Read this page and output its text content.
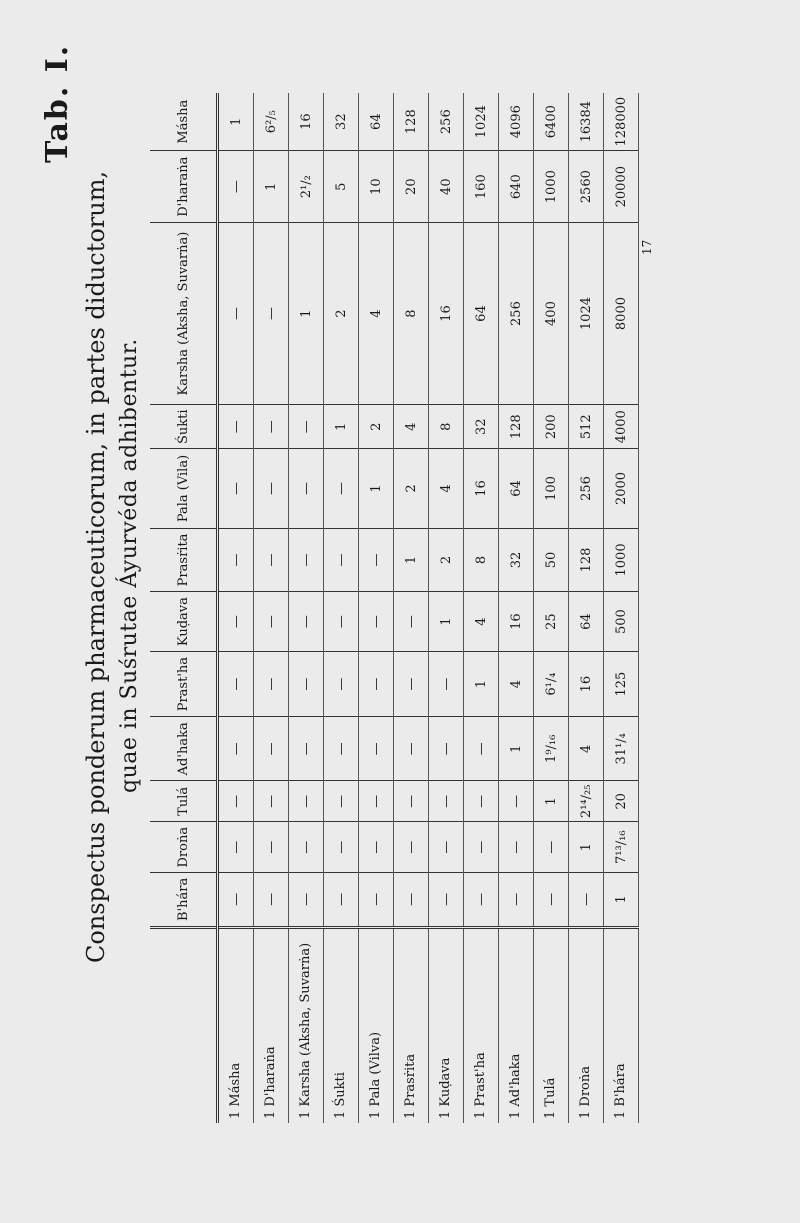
Tab. I.
Conspectus ponderum pharmaceuticorum, in partes diductorum, quae in Suśrutae Áyurvéda adhibentur.
	B'hára	Droṅa	Tulá	Ad'haka	Prast'ha	Kuḍava	Prasṙita	Pala (Vila)	Śukti	Karsha (Aksha, Suvarṅa)	D'haraṅa	Másha
1 Másha	—	—	—	—	—	—	—	—	—	—	—	1
1 D'haraṅa	—	—	—	—	—	—	—	—	—	—	1	6²/₅
1 Karsha (Aksha, Suvarṅa)	—	—	—	—	—	—	—	—	—	1	2¹/₂	16
1 Śukti	—	—	—	—	—	—	—	—	1	2	5	32
1 Pala (Vilva)	—	—	—	—	—	—	—	1	2	4	10	64
1 Prasṙita	—	—	—	—	—	—	1	2	4	8	20	128
1 Kuḍava	—	—	—	—	—	1	2	4	8	16	40	256
1 Prast'ha	—	—	—	—	1	4	8	16	32	64	160	1024
1 Ad'haka	—	—	—	1	4	16	32	64	128	256	640	4096
1 Tulá	—	—	1	1⁹/₁₆	6¹/₄	25	50	100	200	400	1000	6400
1 Droṅa	—	1	2¹⁴/₂₅	4	16	64	128	256	512	1024	2560	16384
1 B'hára	1	7¹³/₁₆	20	31¹/₄	125	500	1000	2000	4000	8000	20000	128000
17
